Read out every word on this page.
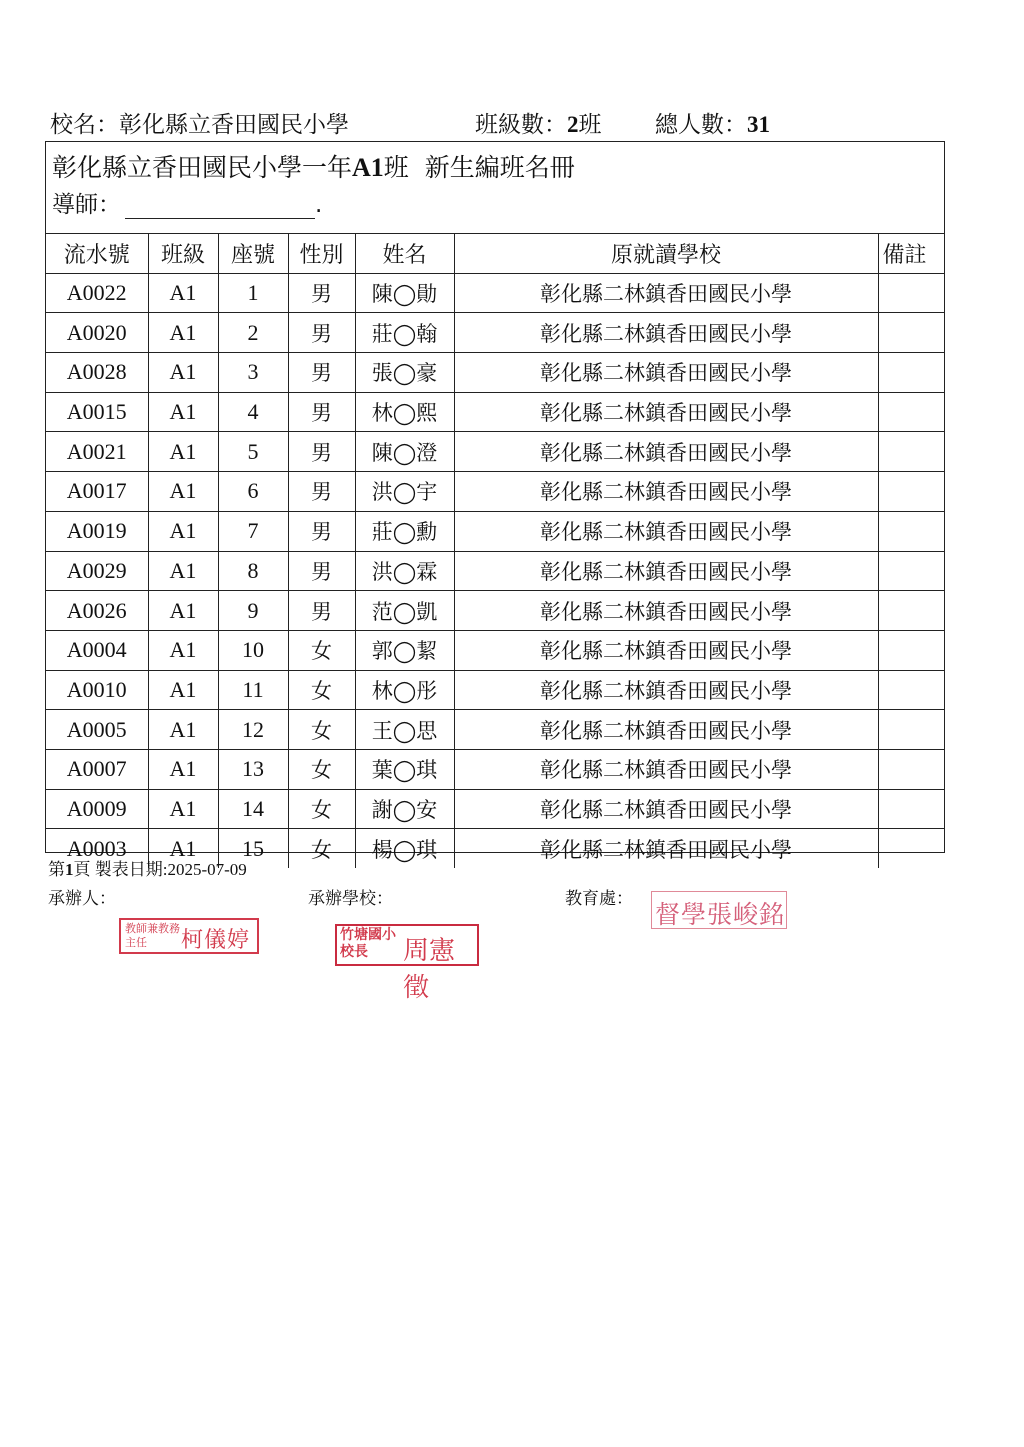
校名：彰化縣立香田國民小學	班級數：2班 總人數：31
彰化縣立香田國民小學一年A1班  新生編班名冊
導師：	.
流水號	班級	座號	性別	姓名	原就讀學校	備註
A0022	A1	1	男	陳◯勛	彰化縣二林鎮香田國民小學	
A0020	A1	2	男	莊◯翰	彰化縣二林鎮香田國民小學	
A0028	A1	3	男	張◯豪	彰化縣二林鎮香田國民小學	
A0015	A1	4	男	林◯熙	彰化縣二林鎮香田國民小學	
A0021	A1	5	男	陳◯澄	彰化縣二林鎮香田國民小學	
A0017	A1	6	男	洪◯宇	彰化縣二林鎮香田國民小學	
A0019	A1	7	男	莊◯勳	彰化縣二林鎮香田國民小學	
A0029	A1	8	男	洪◯霖	彰化縣二林鎮香田國民小學	
A0026	A1	9	男	范◯凱	彰化縣二林鎮香田國民小學	
A0004	A1	10	女	郭◯絜	彰化縣二林鎮香田國民小學	
A0010	A1	11	女	林◯彤	彰化縣二林鎮香田國民小學	
A0005	A1	12	女	王◯思	彰化縣二林鎮香田國民小學	
A0007	A1	13	女	葉◯琪	彰化縣二林鎮香田國民小學	
A0009	A1	14	女	謝◯安	彰化縣二林鎮香田國民小學	
A0003	A1	15	女	楊◯琪	彰化縣二林鎮香田國民小學	
第1頁 製表日期:2025-07-09
承辦人：	承辦學校：	教育處：
教師兼教務主任	柯儀婷	竹塘國小校長	周憲徵
督學張峻銘
